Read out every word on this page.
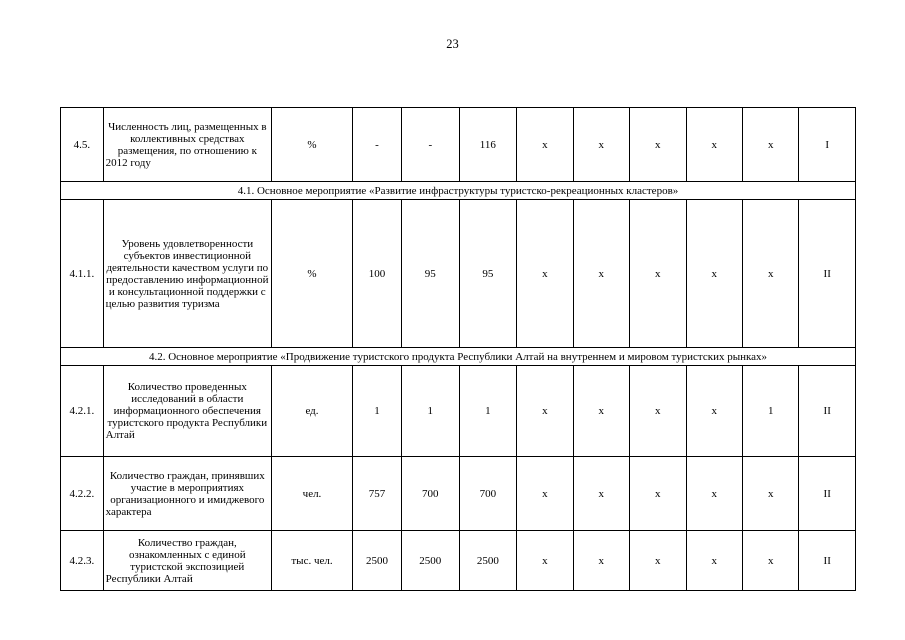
23
4.5.	Численность лиц, размещенных в коллективных средствах размещения, по отношению к 2012 году	%	-	-	116	x	x	x	x	x	I
4.1. Основное мероприятие «Развитие инфраструктуры туристско-рекреационных кластеров»											
4.1.1.	Уровень удовлетворенности субъектов инвестиционной деятельности качеством услуги по предоставлению информационной и консультационной поддержки с целью развития туризма	%	100	95	95	x	x	x	x	x	II
4.2. Основное мероприятие «Продвижение туристского продукта Республики Алтай на внутреннем и мировом туристских рынках»											
4.2.1.	Количество проведенных исследований в области информационного обеспечения туристского продукта Республики Алтай	ед.	1	1	1	x	x	x	x	1	II
4.2.2.	Количество граждан, принявших участие в мероприятиях организационного и имиджевого характера	чел.	757	700	700	x	x	x	x	x	II
4.2.3.	Количество граждан, ознакомленных с единой туристской экспозицией Республики Алтай	тыс. чел.	2500	2500	2500	x	x	x	x	x	II
